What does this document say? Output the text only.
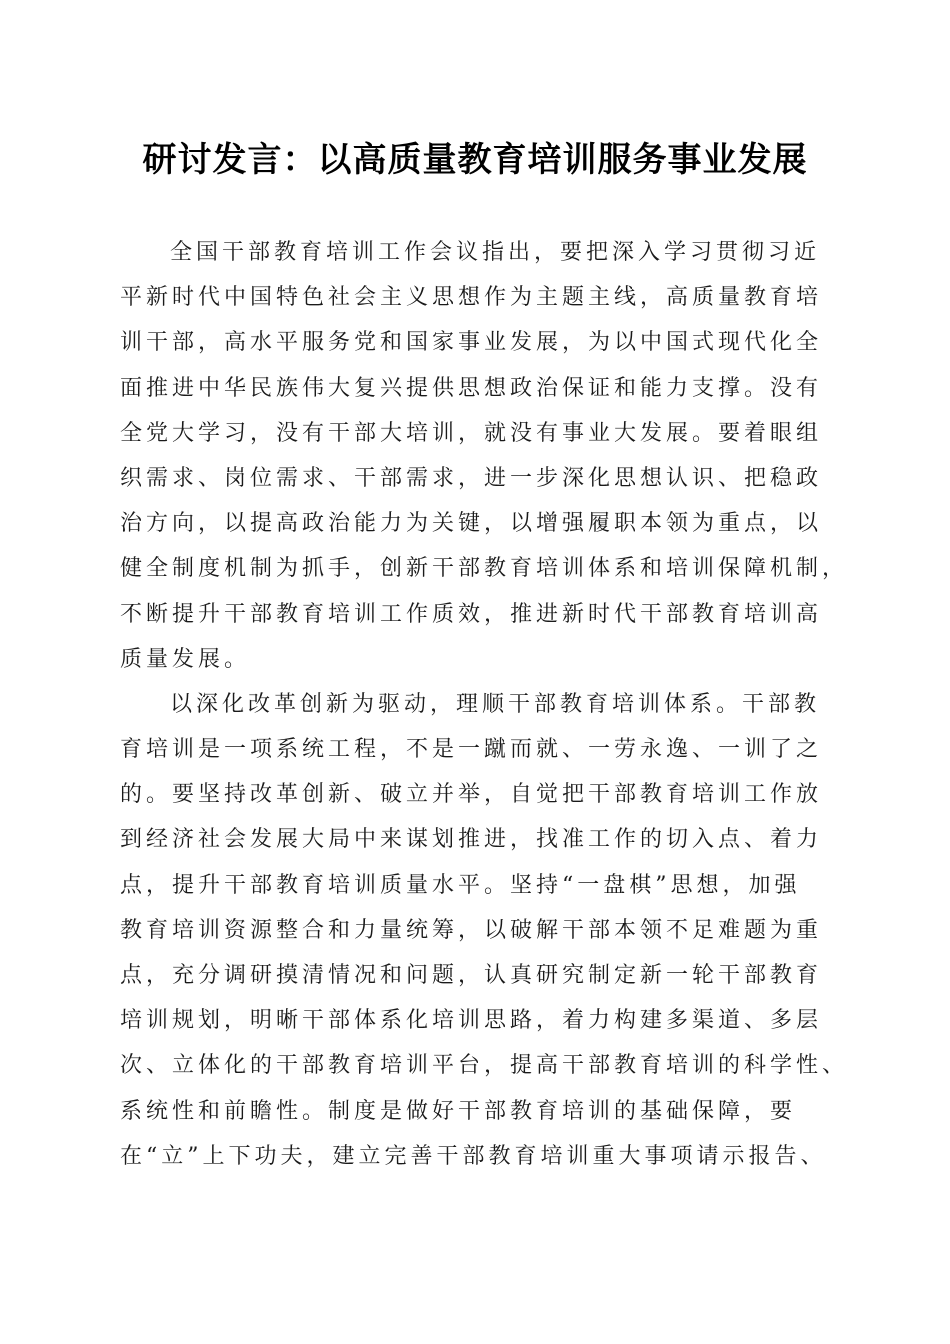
研讨发言：以高质量教育培训服务事业发展
全国干部教育培训工作会议指出，要把深入学习贯彻习近
平新时代中国特色社会主义思想作为主题主线，高质量教育培
训干部，高水平服务党和国家事业发展，为以中国式现代化全
面推进中华民族伟大复兴提供思想政治保证和能力支撑。没有
全党大学习，没有干部大培训，就没有事业大发展。要着眼组
织需求、岗位需求、干部需求，进一步深化思想认识、把稳政
治方向，以提高政治能力为关键，以增强履职本领为重点，以
健全制度机制为抓手，创新干部教育培训体系和培训保障机制，
不断提升干部教育培训工作质效，推进新时代干部教育培训高
质量发展。
以深化改革创新为驱动，理顺干部教育培训体系。干部教
育培训是一项系统工程，不是一蹴而就、一劳永逸、一训了之
的。要坚持改革创新、破立并举，自觉把干部教育培训工作放
到经济社会发展大局中来谋划推进，找准工作的切入点、着力
点，提升干部教育培训质量水平。坚持“一盘棋”思想，加强
教育培训资源整合和力量统筹，以破解干部本领不足难题为重
点，充分调研摸清情况和问题，认真研究制定新一轮干部教育
培训规划，明晰干部体系化培训思路，着力构建多渠道、多层
次、立体化的干部教育培训平台，提高干部教育培训的科学性、
系统性和前瞻性。制度是做好干部教育培训的基础保障，要
在“立”上下功夫，建立完善干部教育培训重大事项请示报告、
